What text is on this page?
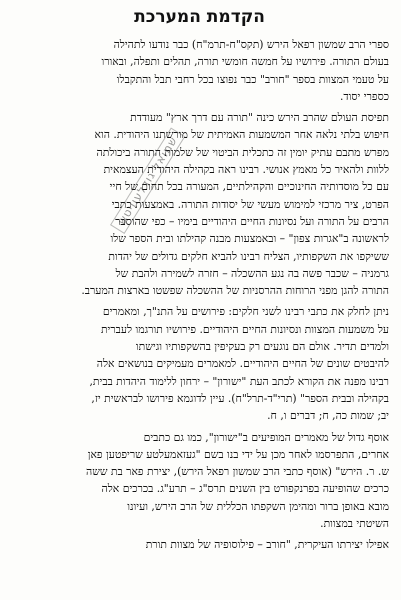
הקדמת המערכת
ספרי הרב שמשון רפאל הירש (תקס"ח-תרמ"ח) כבר נודעו לתהילה
בעולם התורה. פירושיו על חמשה חומשי תורה, תהלים ותפלה, ובאורו
על טעמי המצוות בספר "חורב" כבר נפוצו בכל רחבי תבל והתקבלו
כספרי יסוד.
תפיסת העולם שהרב הירש כינה "תורה עם דרך ארץ" מעודדת
חיפוש בלתי נלאה אחר המשמעות האמיתית של מורשתנו היהודית. הוא
מפרש מתבם עתיק יומין זה כתכלית הביטוי של שלמות התורה ביכולתה
ללוות ולהאיר כל מאמץ אנושי. רבינו ראה בקהילה היהודית העצמאית
עם כל מוסדותיה החינוכיים והקהילתיים, המעורה בכל תחום של חיי
הפרט, ציר מרכזי למימוש מעשי של יסודות התורה. באמצעות כתבי
הרבים על התורה ועל נסיונות החיים היהודיים בימיו – כפי שהוסבר
לראשונה ב"אגרות צפון" – ובאמצעות מבנה קהילתו ובית הספר שלו
ששיקפו את השקפותיו, הצליח רבינו להביא חלקים גדולים של יהדות
גרמניה – שכבר פשה בה נגע ההשכלה – חזרה לשמירה ולהבת של
התורה להגן מפני הרוחות ההרסניות של ההשכלה שפשטו בארצות המערב.
ניתן לחלק את כתבי רבינו לשני חלקים: פירושים על התנ"ך, ומאמרים
על משמעות המצוות ונסיונות החיים היהודיים. פירושיו תורגמו לעברית
ולמדים תדיר. אולם הם נוגעים רק בעקיפין בהשקפותיו וגישתו
להיבטים שונים של החיים היהודיים. למאמרים מעמיקים בנושאים אלה
רבינו מפנה את הקורא לכתב העת "ישורון" – ירחון ללימוד היהדות בבית,
בקהילה ובבית הספר" (תרי"ד-תרל"ח). עיין לדוגמא פירושו לבראשית יז,
יב; שמות כה, ח; דברים ו, ח.
אוסף גדול של מאמרים המופיעים ב"ישורון", כמו גם כתבים
אחרים, התפרסמו לאחר מכן על ידי בנו בשם "געזאמעלטע שריפטען פאן
ש. ר. הירש" (אוסף כתבי הרב שמשון רפאל הירש), יצירת פאר בת ששה
כרכים שהופיעה בפרנקפורט בין השנים תרס"ג – תרע"ג. בכרכים אלה
מובא באופן ברור ומהימן השקפתו הכללית של הרב הירש, ועיונו
השיטתי במצוות.
אפילו יצירתו העיקרית, "חורב – פילוסופיה של מצוות תורת
שמואל גודלעוויטש
